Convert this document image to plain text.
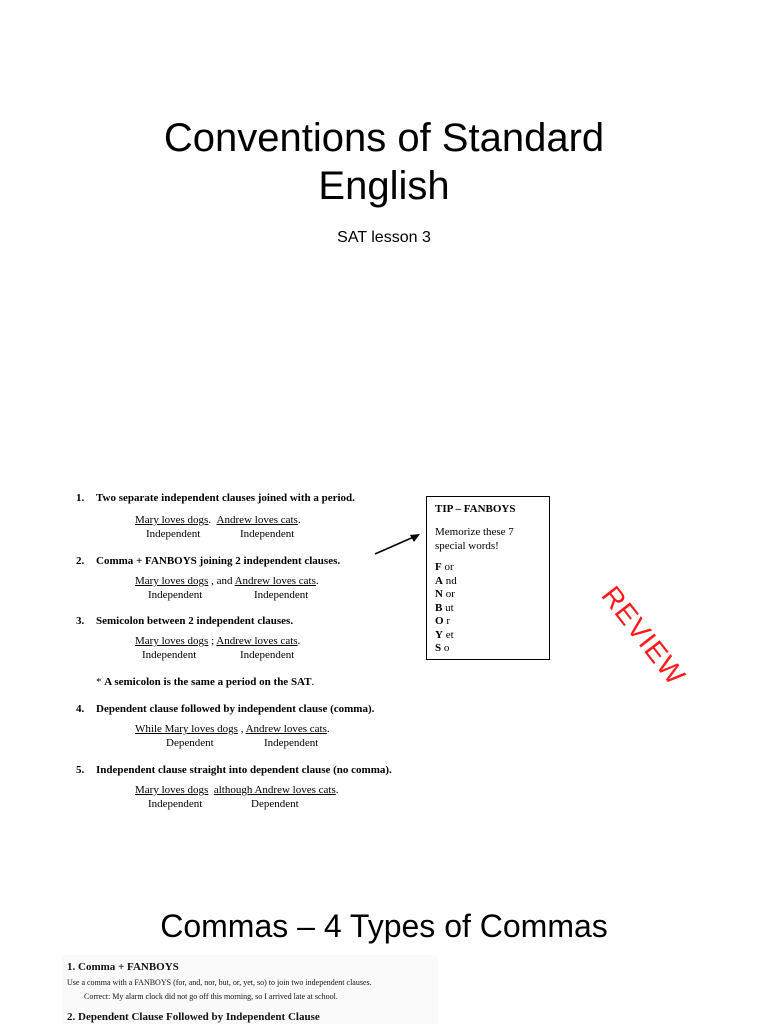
Conventions of Standard
English
SAT lesson 3
1. Two separate independent clauses joined with a period.
Mary loves dogs. Andrew loves cats.
Independent	Independent
2. Comma + FANBOYS joining 2 independent clauses.
Mary loves dogs , and Andrew loves cats.
Independent	Independent
3. Semicolon between 2 independent clauses.
Mary loves dogs ; Andrew loves cats.
Independent	Independent
* A semicolon is the same a period on the SAT.
4. Dependent clause followed by independent clause (comma).
While Mary loves dogs , Andrew loves cats.
Dependent	Independent
5. Independent clause straight into dependent clause (no comma).
Mary loves dogs although Andrew loves cats.
Independent	Dependent
TIP – FANBOYS
Memorize these 7 special words!
F or
A nd
N or
B ut
O r
Y et
S o	REVIEW
Commas – 4 Types of Commas
1. Comma + FANBOYS
Use a comma with a FANBOYS (for, and, nor, but, or, yet, so) to join two independent clauses.
Correct: My alarm clock did not go off this morning, so I arrived late at school.
2. Dependent Clause Followed by Independent Clause
